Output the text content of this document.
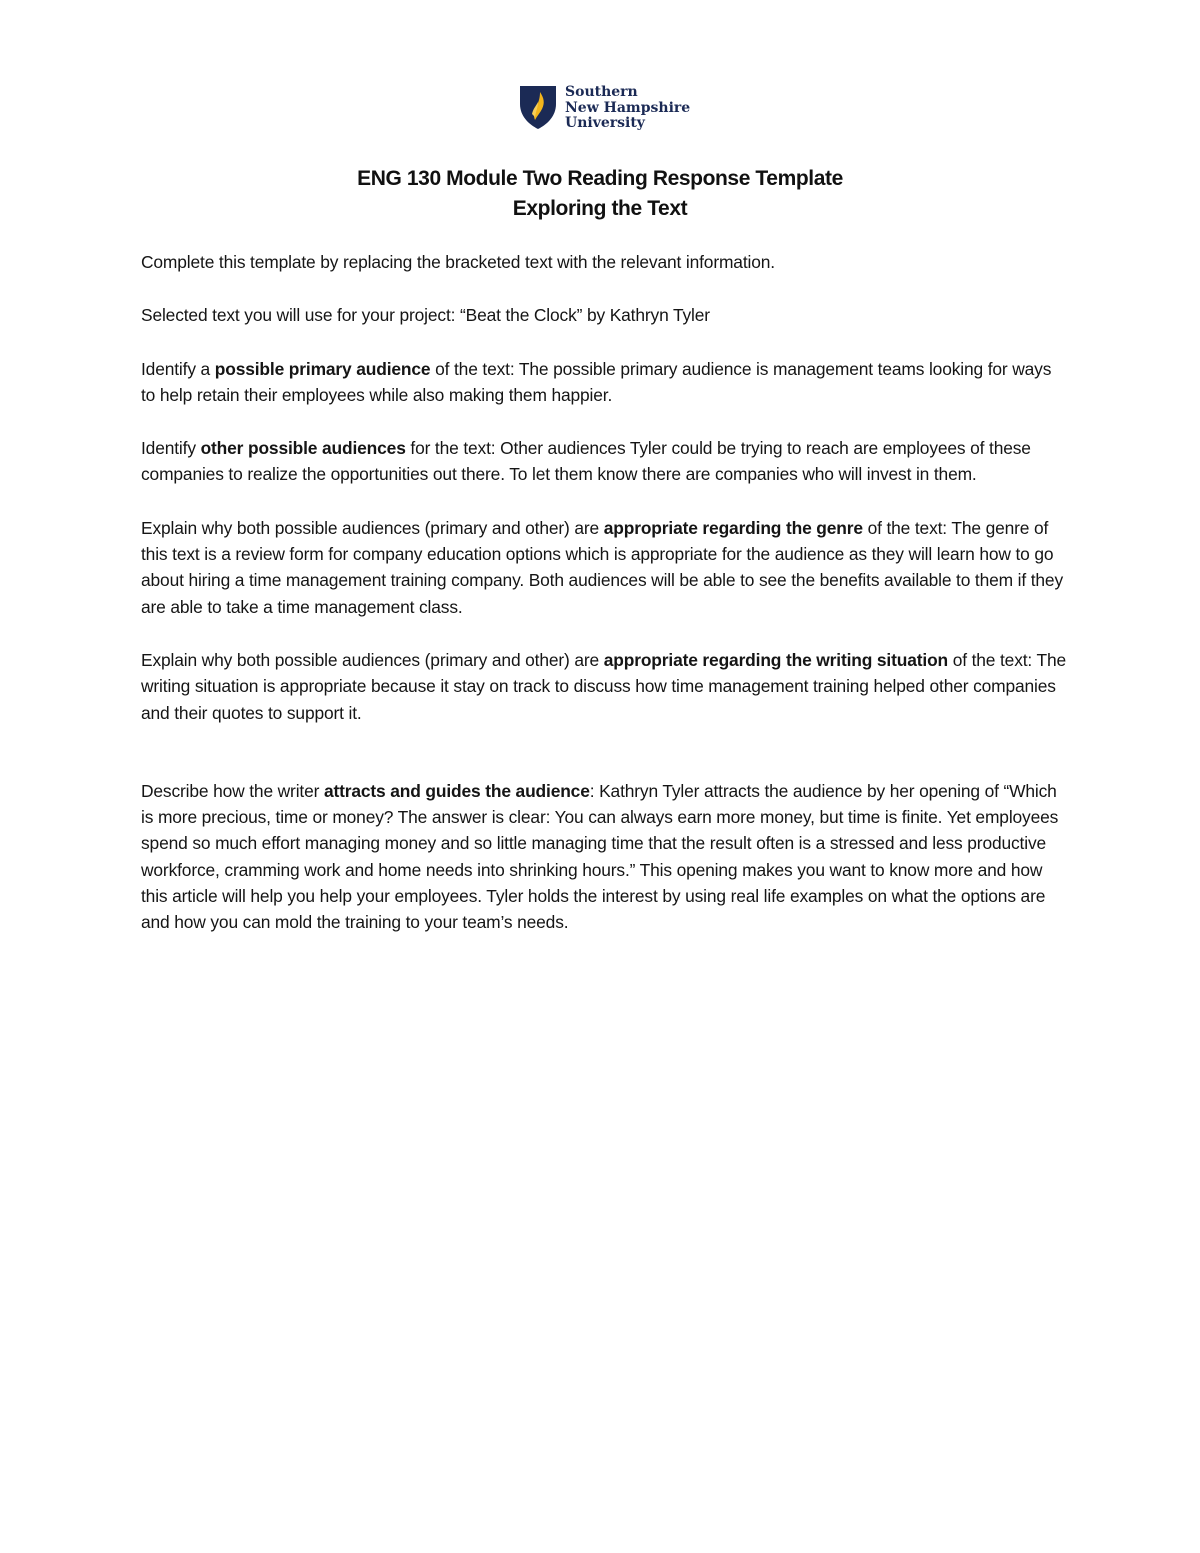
Southern
New Hampshire
University
ENG 130 Module Two Reading Response Template
Exploring the Text

Complete this template by replacing the bracketed text with the relevant information.

Selected text you will use for your project: “Beat the Clock” by Kathryn Tyler

Identify a possible primary audience of the text: The possible primary audience is management teams looking for ways to help retain their employees while also making them happier.

Identify other possible audiences for the text: Other audiences Tyler could be trying to reach are employees of these companies to realize the opportunities out there. To let them know there are companies who will invest in them.

Explain why both possible audiences (primary and other) are appropriate regarding the genre of the text: The genre of this text is a review form for company education options which is appropriate for the audience as they will learn how to go about hiring a time management training company. Both audiences will be able to see the benefits available to them if they are able to take a time management class.

Explain why both possible audiences (primary and other) are appropriate regarding the writing situation of the text: The writing situation is appropriate because it stay on track to discuss how time management training helped other companies and their quotes to support it.

Describe how the writer attracts and guides the audience: Kathryn Tyler attracts the audience by her opening of “Which is more precious, time or money? The answer is clear: You can always earn more money, but time is finite. Yet employees spend so much effort managing money and so little managing time that the result often is a stressed and less productive workforce, cramming work and home needs into shrinking hours.” This opening makes you want to know more and how this article will help you help your employees. Tyler holds the interest by using real life examples on what the options are and how you can mold the training to your team’s needs.
